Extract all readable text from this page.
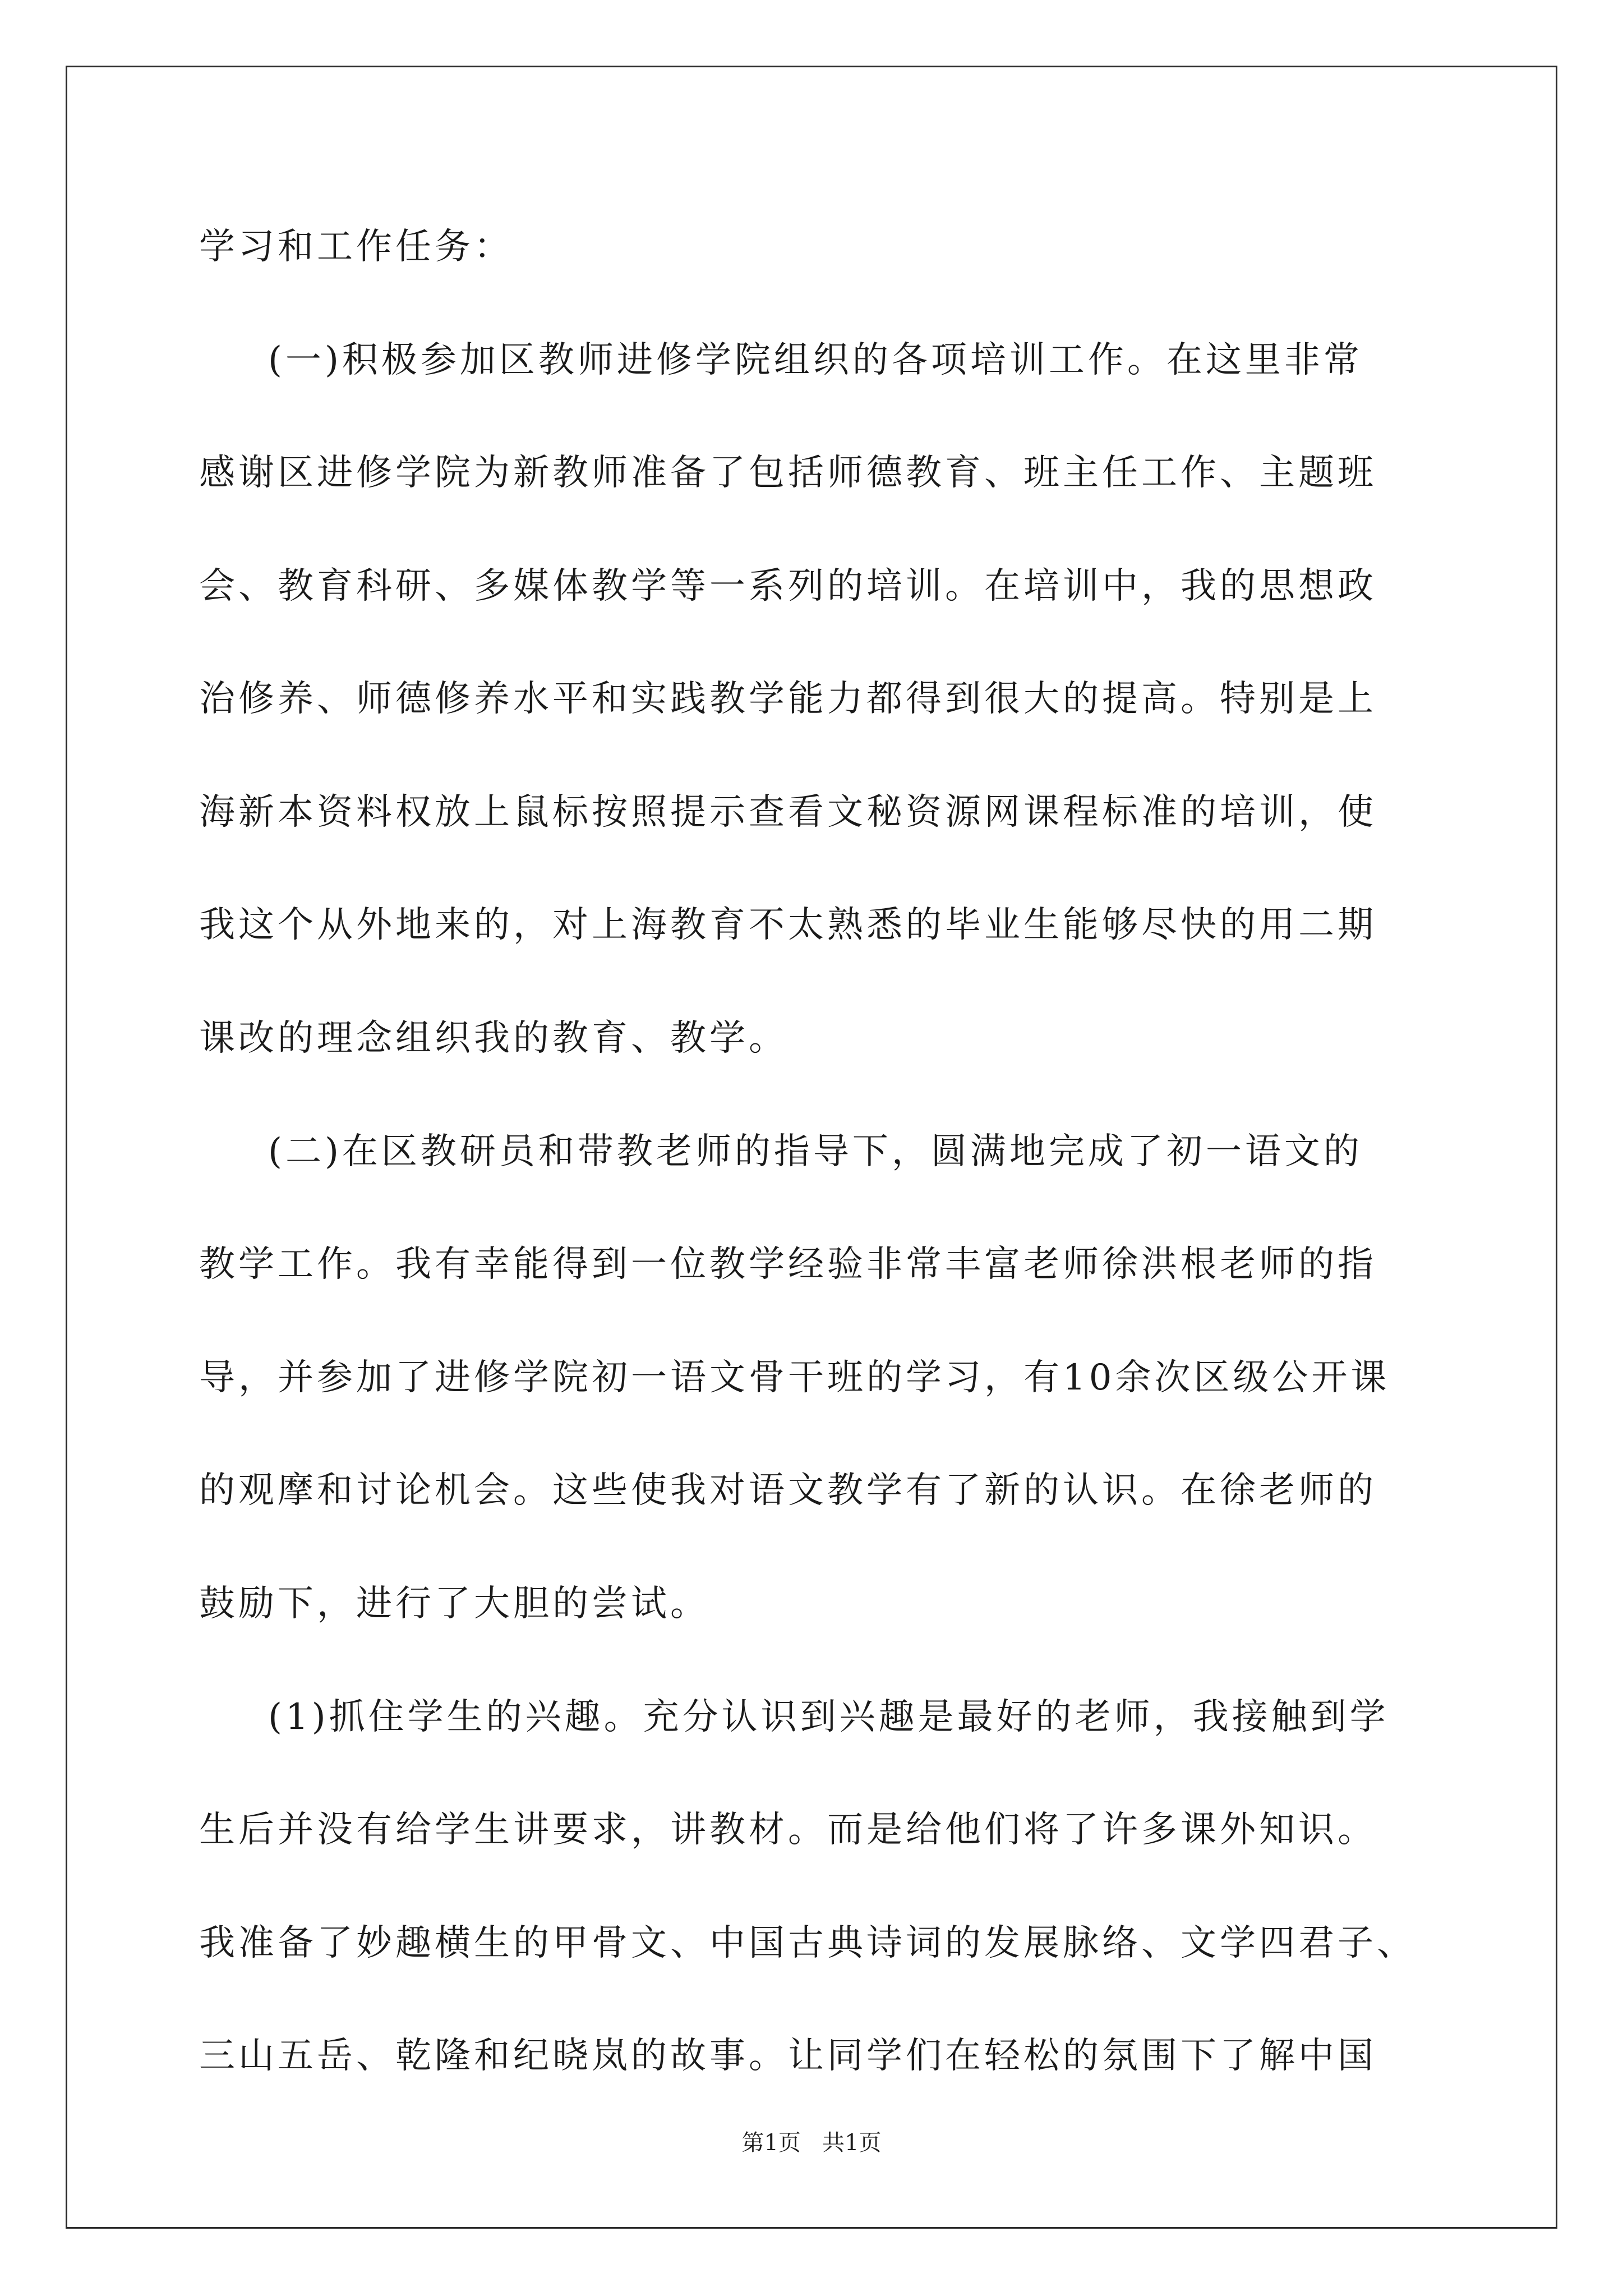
学习和工作任务：
(一)积极参加区教师进修学院组织的各项培训工作。在这里非常
感谢区进修学院为新教师准备了包括师德教育、班主任工作、主题班
会、教育科研、多媒体教学等一系列的培训。在培训中，我的思想政
治修养、师德修养水平和实践教学能力都得到很大的提高。特别是上
海新本资料权放上鼠标按照提示查看文秘资源网课程标准的培训，使
我这个从外地来的，对上海教育不太熟悉的毕业生能够尽快的用二期
课改的理念组织我的教育、教学。
(二)在区教研员和带教老师的指导下，圆满地完成了初一语文的
教学工作。我有幸能得到一位教学经验非常丰富老师徐洪根老师的指
导，并参加了进修学院初一语文骨干班的学习，有10余次区级公开课
的观摩和讨论机会。这些使我对语文教学有了新的认识。在徐老师的
鼓励下，进行了大胆的尝试。
(1)抓住学生的兴趣。充分认识到兴趣是最好的老师，我接触到学
生后并没有给学生讲要求，讲教材。而是给他们将了许多课外知识。
我准备了妙趣横生的甲骨文、中国古典诗词的发展脉络、文学四君子、
三山五岳、乾隆和纪晓岚的故事。让同学们在轻松的氛围下了解中国
第1页   共1页
